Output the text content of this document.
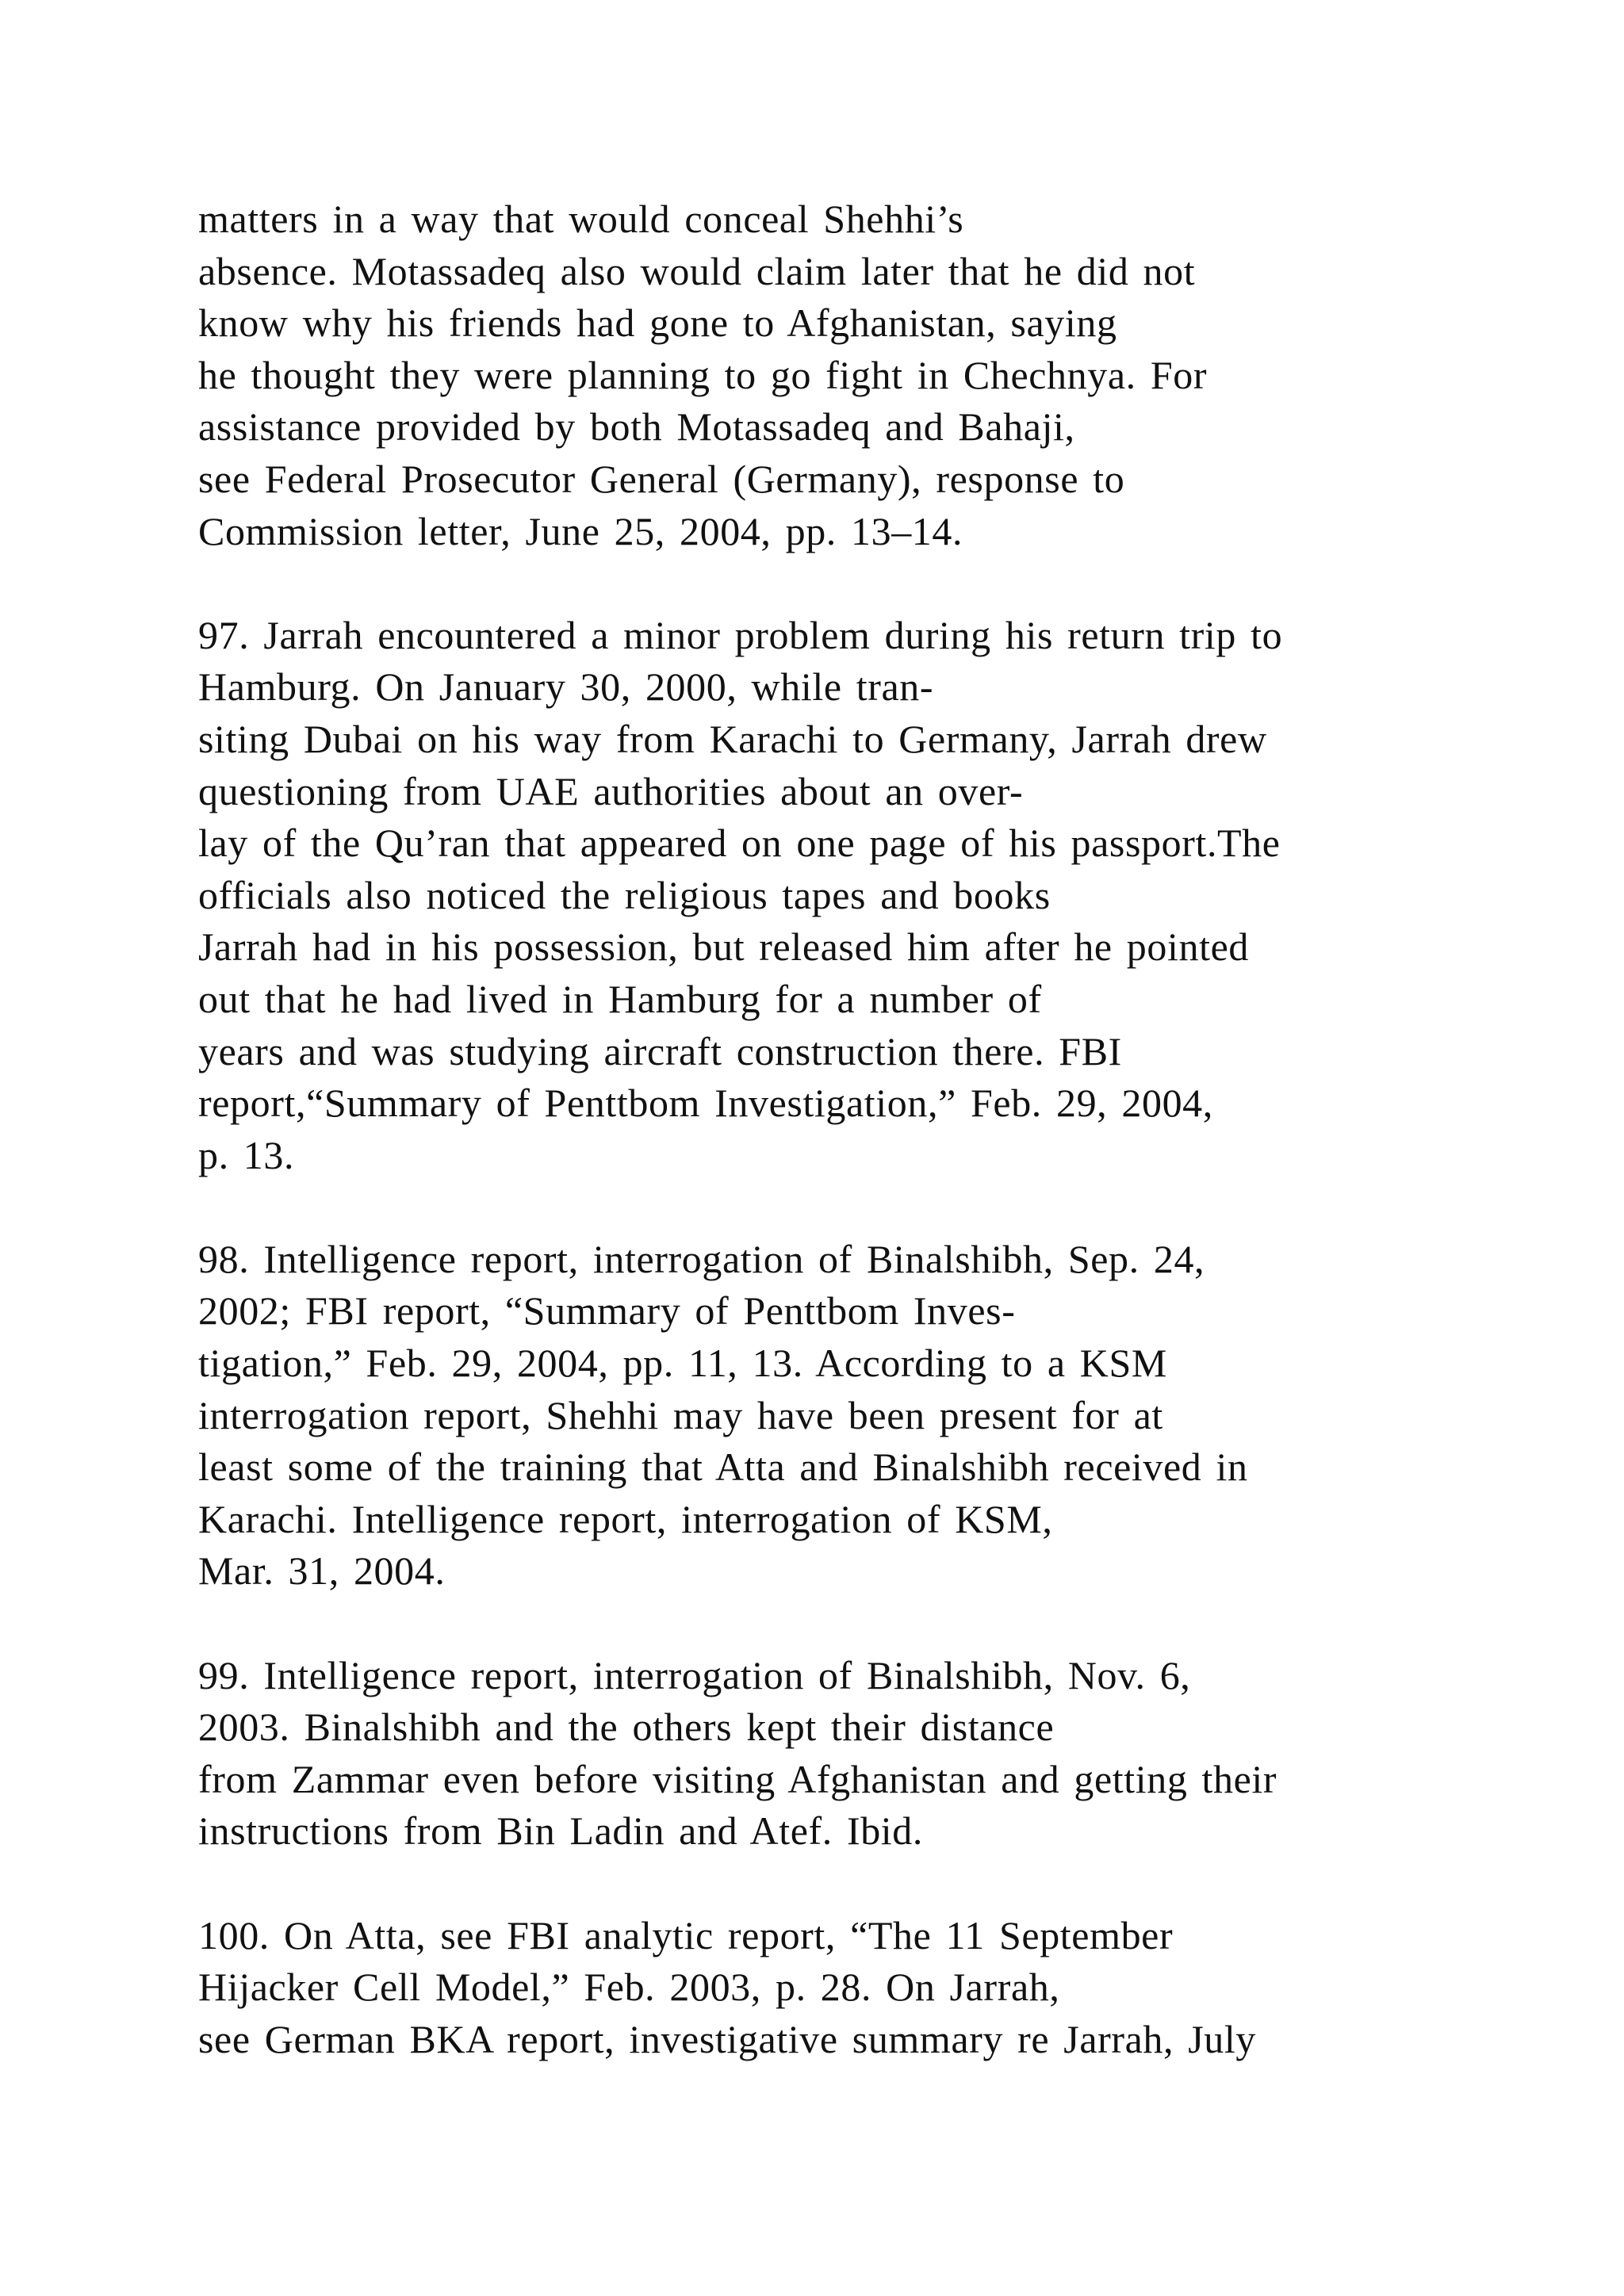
matters in a way that would conceal Shehhi’s
absence. Motassadeq also would claim later that he did not
know why his friends had gone to Afghanistan, saying
he thought they were planning to go fight in Chechnya. For
assistance provided by both Motassadeq and Bahaji,
see Federal Prosecutor General (Germany), response to
Commission letter, June 25, 2004, pp. 13–14.

97. Jarrah encountered a minor problem during his return trip to
Hamburg. On January 30, 2000, while tran-
siting Dubai on his way from Karachi to Germany, Jarrah drew
questioning from UAE authorities about an over-
lay of the Qu’ran that appeared on one page of his passport.The
officials also noticed the religious tapes and books
Jarrah had in his possession, but released him after he pointed
out that he had lived in Hamburg for a number of
years and was studying aircraft construction there. FBI
report,“Summary of Penttbom Investigation,” Feb. 29, 2004,
p. 13.

98. Intelligence report, interrogation of Binalshibh, Sep. 24,
2002; FBI report, “Summary of Penttbom Inves-
tigation,” Feb. 29, 2004, pp. 11, 13. According to a KSM
interrogation report, Shehhi may have been present for at
least some of the training that Atta and Binalshibh received in
Karachi. Intelligence report, interrogation of KSM,
Mar. 31, 2004.

99. Intelligence report, interrogation of Binalshibh, Nov. 6,
2003. Binalshibh and the others kept their distance
from Zammar even before visiting Afghanistan and getting their
instructions from Bin Ladin and Atef. Ibid.

100. On Atta, see FBI analytic report, “The 11 September
Hijacker Cell Model,” Feb. 2003, p. 28. On Jarrah,
see German BKA report, investigative summary re Jarrah, July
